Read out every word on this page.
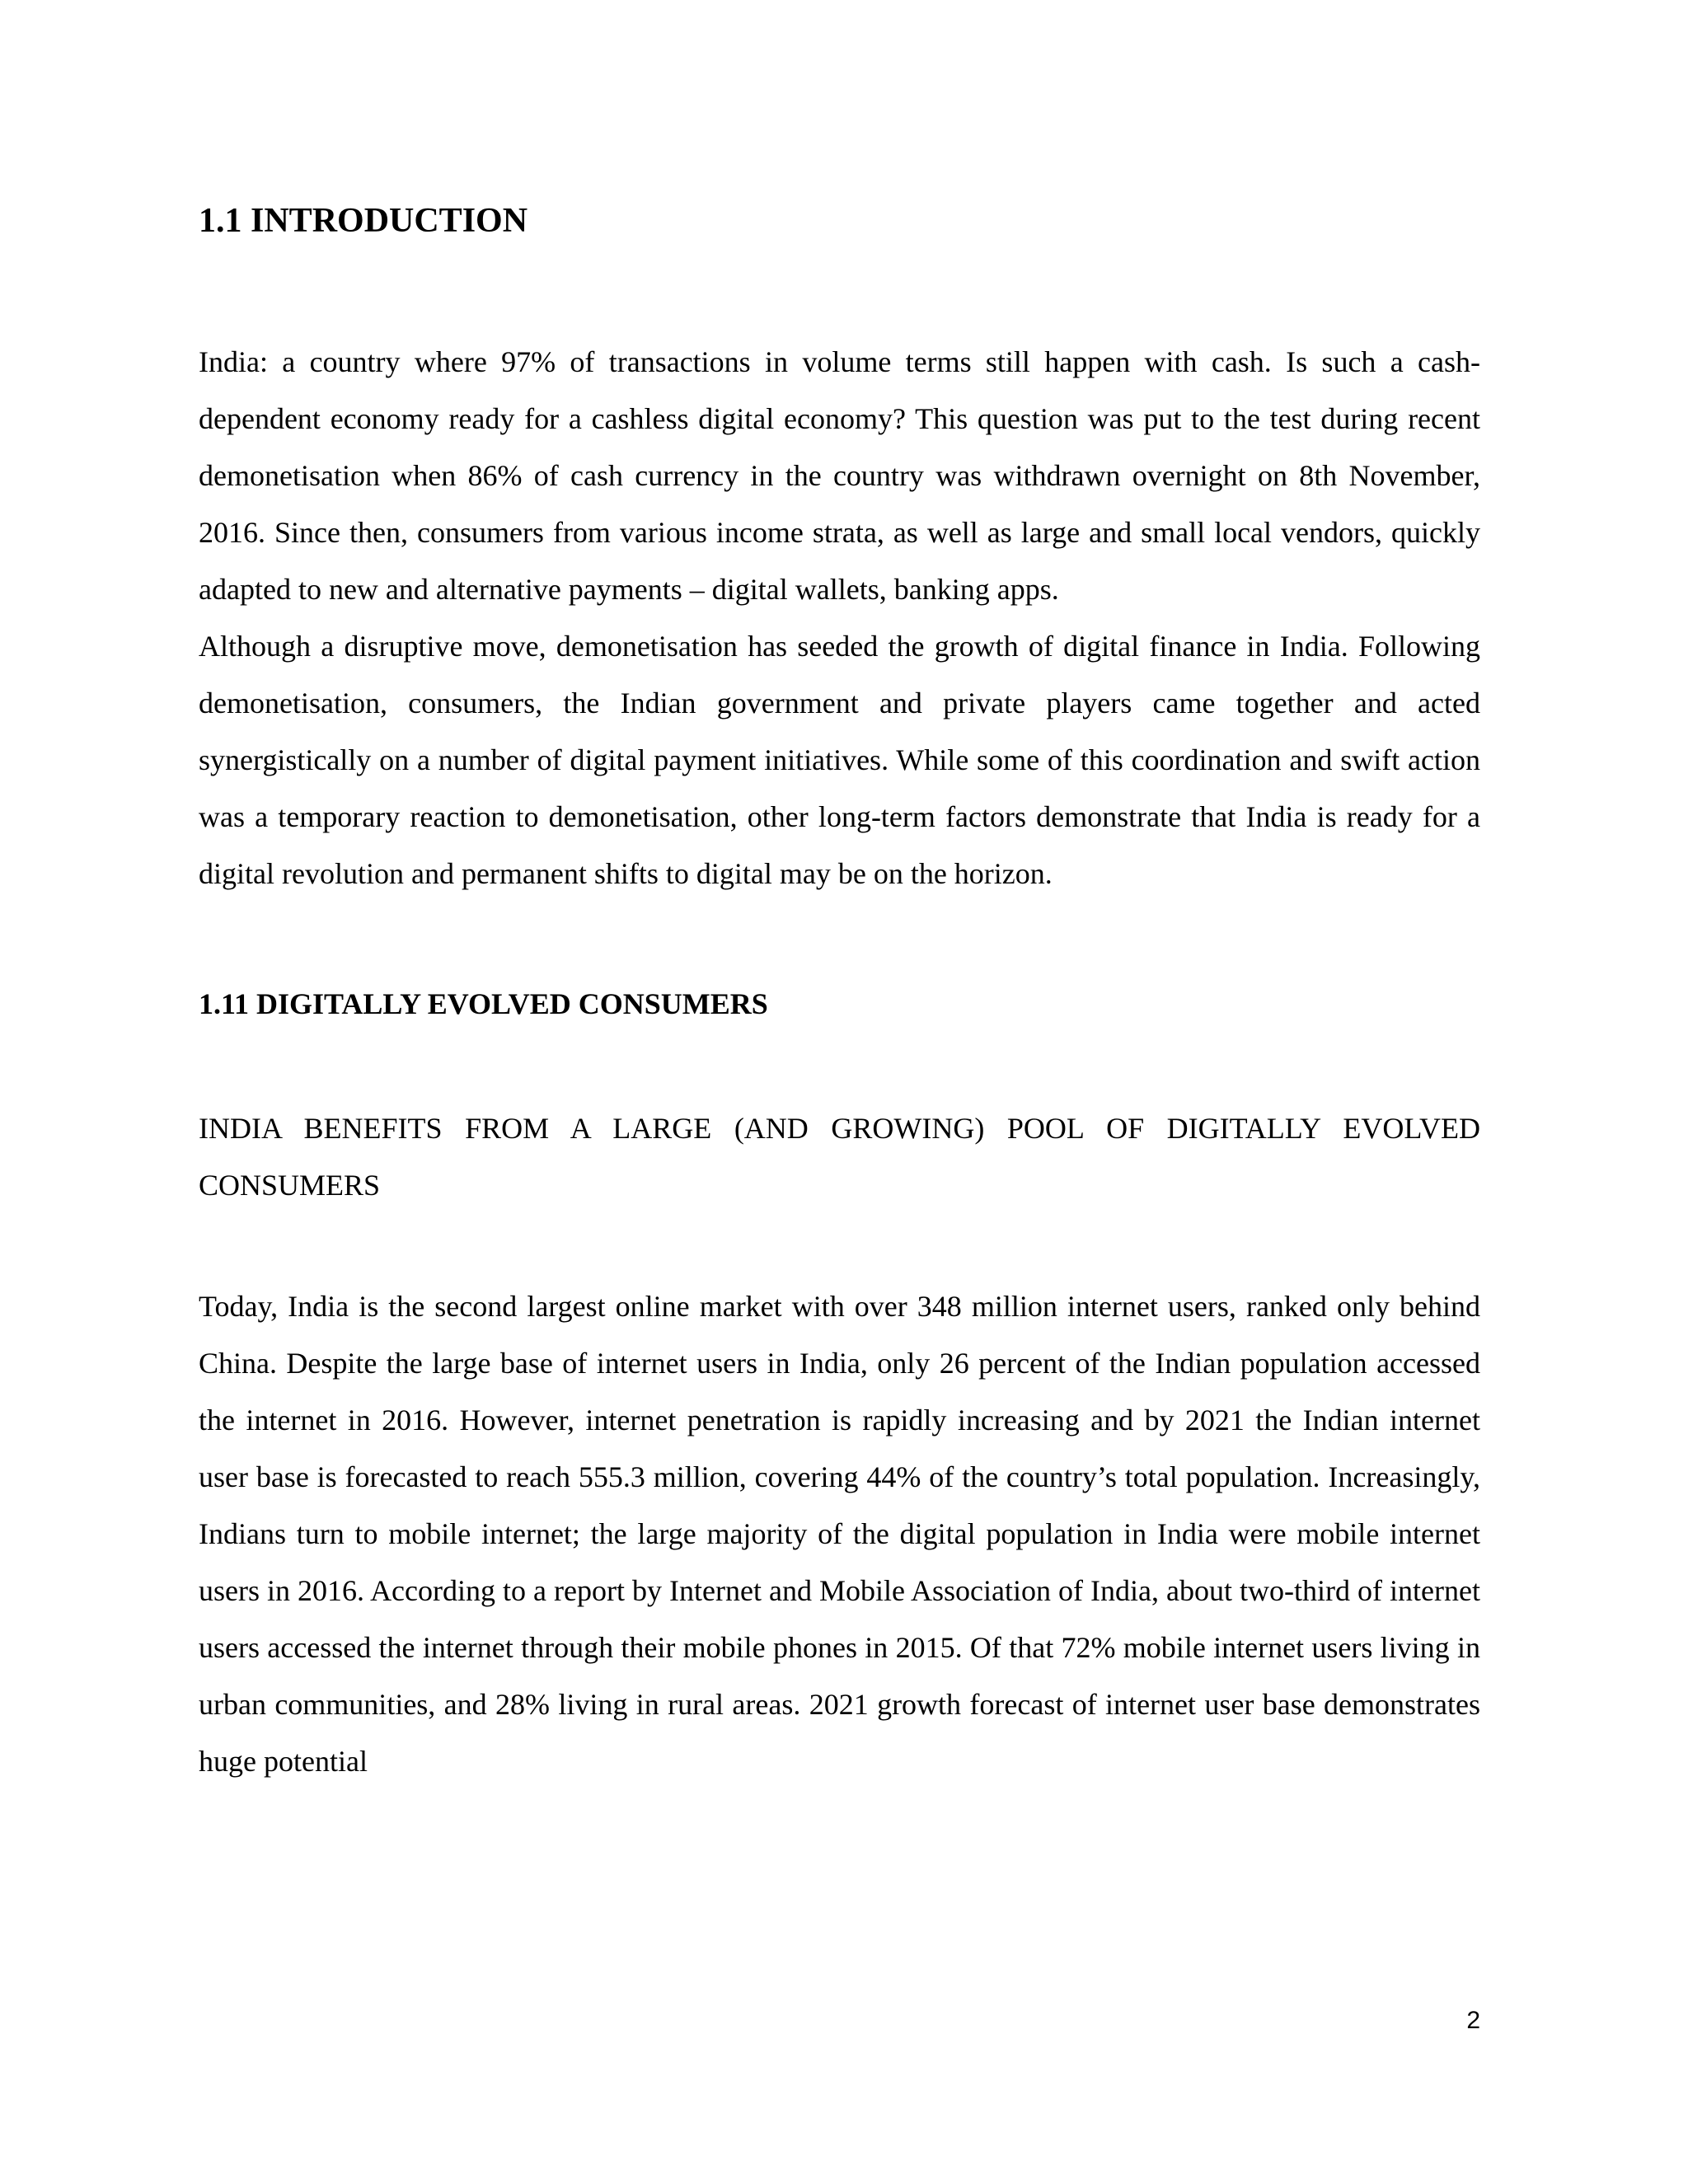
1.1 INTRODUCTION

India: a country where 97% of transactions in volume terms still happen with cash. Is such a cash-dependent economy ready for a cashless digital economy? This question was put to the test during recent demonetisation when 86% of cash currency in the country was withdrawn overnight on 8th November, 2016. Since then, consumers from various income strata, as well as large and small local vendors, quickly adapted to new and alternative payments – digital wallets, banking apps.

Although a disruptive move, demonetisation has seeded the growth of digital finance in India. Following demonetisation, consumers, the Indian government and private players came together and acted synergistically on a number of digital payment initiatives. While some of this coordination and swift action was a temporary reaction to demonetisation, other long-term factors demonstrate that India is ready for a digital revolution and permanent shifts to digital may be on the horizon.

1.11 DIGITALLY EVOLVED CONSUMERS

INDIA BENEFITS FROM A LARGE (AND GROWING) POOL OF DIGITALLY EVOLVED CONSUMERS

Today, India is the second largest online market with over 348 million internet users, ranked only behind China. Despite the large base of internet users in India, only 26 percent of the Indian population accessed the internet in 2016. However, internet penetration is rapidly increasing and by 2021 the Indian internet user base is forecasted to reach 555.3 million, covering 44% of the country’s total population. Increasingly, Indians turn to mobile internet; the large majority of the digital population in India were mobile internet users in 2016. According to a report by Internet and Mobile Association of India, about two-third of internet users accessed the internet through their mobile phones in 2015. Of that 72% mobile internet users living in urban communities, and 28% living in rural areas. 2021 growth forecast of internet user base demonstrates huge potential

2
